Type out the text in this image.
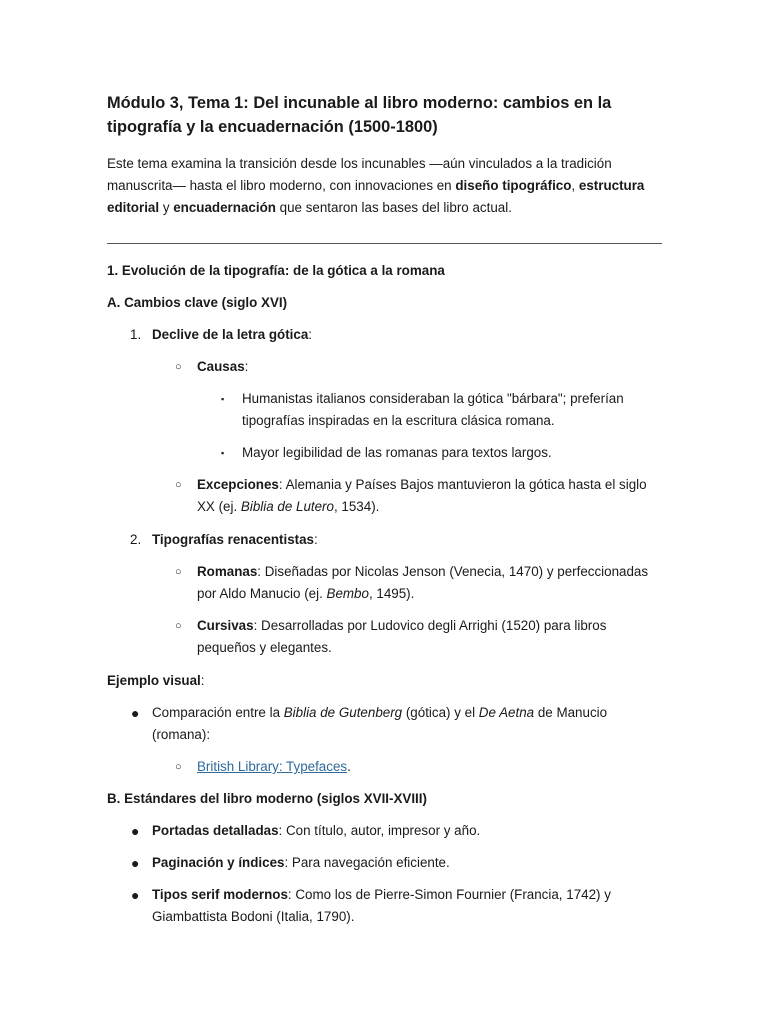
Módulo 3, Tema 1: Del incunable al libro moderno: cambios en la tipografía y la encuadernación (1500-1800)

Este tema examina la transición desde los incunables —aún vinculados a la tradición manuscrita— hasta el libro moderno, con innovaciones en diseño tipográfico, estructura editorial y encuadernación que sentaron las bases del libro actual.

1. Evolución de la tipografía: de la gótica a la romana

A. Cambios clave (siglo XVI)

1. Declive de la letra gótica:
○ Causas:
▪ Humanistas italianos consideraban la gótica "bárbara"; preferían tipografías inspiradas en la escritura clásica romana.
▪ Mayor legibilidad de las romanas para textos largos.
○ Excepciones: Alemania y Países Bajos mantuvieron la gótica hasta el siglo XX (ej. Biblia de Lutero, 1534).
2. Tipografías renacentistas:
○ Romanas: Diseñadas por Nicolas Jenson (Venecia, 1470) y perfeccionadas por Aldo Manucio (ej. Bembo, 1495).
○ Cursivas: Desarrolladas por Ludovico degli Arrighi (1520) para libros pequeños y elegantes.

Ejemplo visual:

● Comparación entre la Biblia de Gutenberg (gótica) y el De Aetna de Manucio (romana):
○ British Library: Typefaces.

B. Estándares del libro moderno (siglos XVII-XVIII)

● Portadas detalladas: Con título, autor, impresor y año.
● Paginación y índices: Para navegación eficiente.
● Tipos serif modernos: Como los de Pierre-Simon Fournier (Francia, 1742) y Giambattista Bodoni (Italia, 1790).
